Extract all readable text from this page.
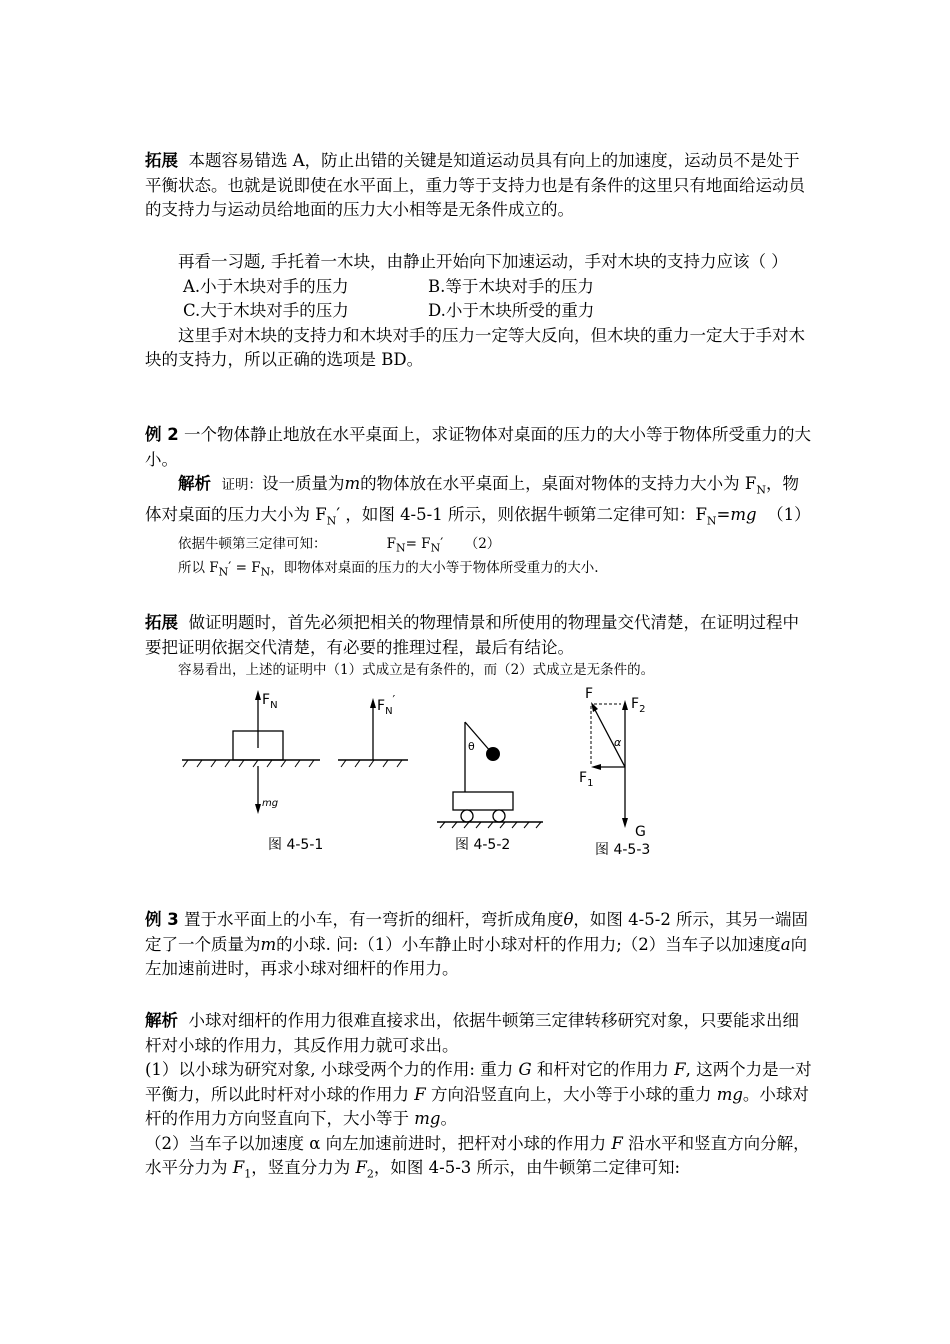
拓展 本题容易错选 A，防止出错的关键是知道运动员具有向上的加速度，运动员不是处于平衡状态。也就是说即使在水平面上，重力等于支持力也是有条件的这里只有地面给运动员的支持力与运动员给地面的压力大小相等是无条件成立的。

再看一习题, 手托着一木块，由静止开始向下加速运动，手对木块的支持力应该（ ）

A.小于木块对手的压力	B.等于木块对手的压力

C.大于木块对手的压力	D.小于木块所受的重力

这里手对木块的支持力和木块对手的压力一定等大反向，但木块的重力一定大于手对木块的支持力，所以正确的选项是 BD。

例 2 一个物体静止地放在水平桌面上，求证物体对桌面的压力的大小等于物体所受重力的大小。

解析 证明：设一质量为m的物体放在水平桌面上，桌面对物体的支持力大小为 $F_N$，物体对桌面的压力大小为 $F_N'$ ，如图 4-5-1 所示，则依据牛顿第二定律可知：$F_N=mg$ （1）

依据牛顿第三定律可知：	$F_N= F_N'$     （2）

所以 $F_N' = F_N$，即物体对桌面的压力的大小等于物体所受重力的大小.

拓展 做证明题时，首先必须把相关的物理情景和所使用的物理量交代清楚，在证明过程中要把证明依据交代清楚，有必要的推理过程，最后有结论。

容易看出，上述的证明中（1）式成立是有条件的，而（2）式成立是无条件的。

$F_N$
mg
$F_N'$
图 4-5-1
θ
图 4-5-2
F
$F_2$
α
$F_1$
G
图 4-5-3

例 3 置于水平面上的小车，有一弯折的细杆，弯折成角度θ，如图 4-5-2 所示，其另一端固定了一个质量为m的小球. 问:（1）小车静止时小球对杆的作用力;（2）当车子以加速度a向左加速前进时，再求小球对细杆的作用力。

解析 小球对细杆的作用力很难直接求出，依据牛顿第三定律转移研究对象，只要能求出细杆对小球的作用力，其反作用力就可求出。

(1）以小球为研究对象, 小球受两个力的作用: 重力 G 和杆对它的作用力 F, 这两个力是一对平衡力，所以此时杆对小球的作用力 F 方向沿竖直向上，大小等于小球的重力 mg。小球对杆的作用力方向竖直向下，大小等于 mg。

（2）当车子以加速度 α 向左加速前进时，把杆对小球的作用力 F 沿水平和竖直方向分解，水平分力为 $F_1$，竖直分力为 $F_2$，如图 4-5-3 所示，由牛顿第二定律可知:
